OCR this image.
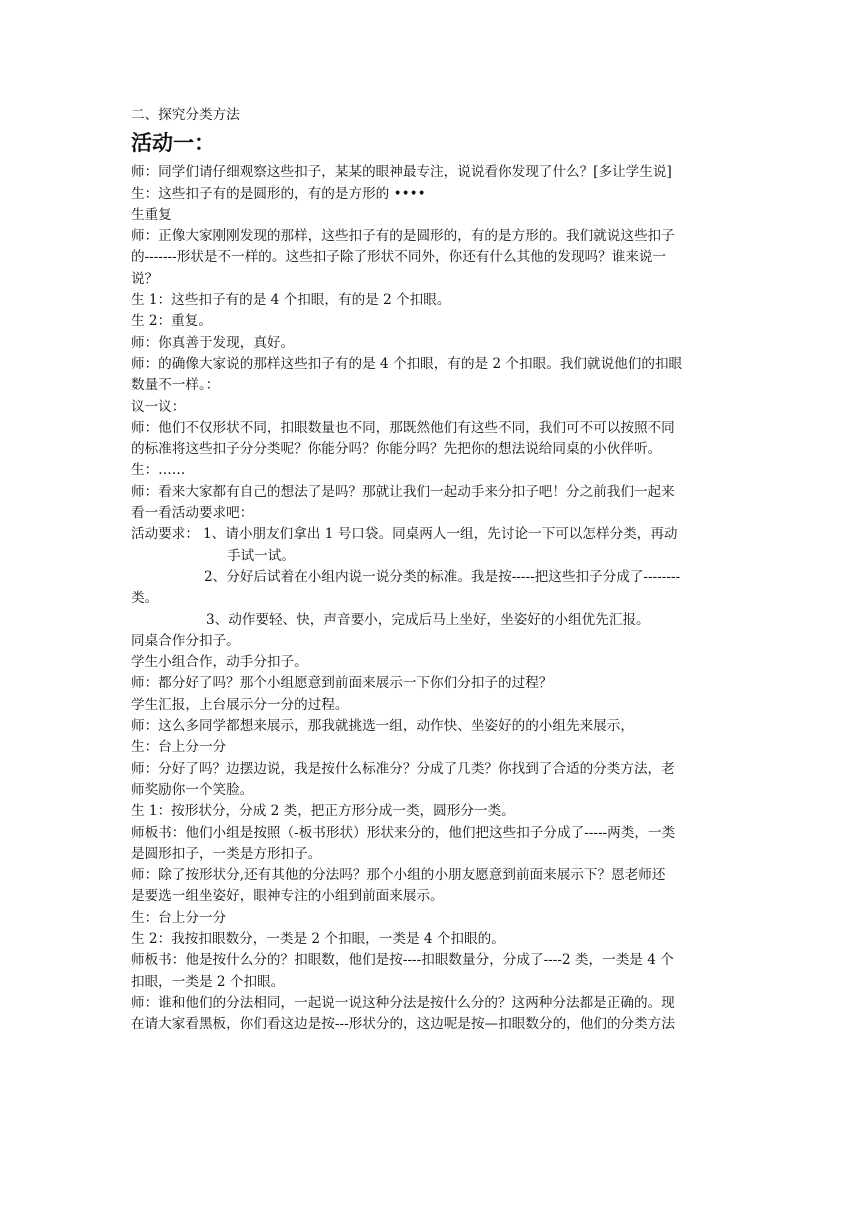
二、探究分类方法
活动一：
师：同学们请仔细观察这些扣子，某某的眼神最专注，说说看你发现了什么？[多让学生说]
生：这些扣子有的是圆形的，有的是方形的 ••••
生重复
师：正像大家刚刚发现的那样，这些扣子有的是圆形的，有的是方形的。我们就说这些扣子
的-------形状是不一样的。这些扣子除了形状不同外，你还有什么其他的发现吗？谁来说一
说？
生 1：这些扣子有的是 4 个扣眼，有的是 2 个扣眼。
生 2：重复。
师：你真善于发现，真好。
师：的确像大家说的那样这些扣子有的是 4 个扣眼，有的是 2 个扣眼。我们就说他们的扣眼
数量不一样。：
议一议：
师：他们不仅形状不同，扣眼数量也不同，那既然他们有这些不同，我们可不可以按照不同
的标准将这些扣子分分类呢？你能分吗？你能分吗？先把你的想法说给同桌的小伙伴听。
生：……
师：看来大家都有自己的想法了是吗？那就让我们一起动手来分扣子吧！分之前我们一起来
看一看活动要求吧：
活动要求： 1、请小朋友们拿出 1 号口袋。同桌两人一组，先讨论一下可以怎样分类，再动
手试一试。
2、分好后试着在小组内说一说分类的标准。我是按-----把这些扣子分成了--------
类。
3、动作要轻、快，声音要小，完成后马上坐好，坐姿好的小组优先汇报。
同桌合作分扣子。
学生小组合作，动手分扣子。
师：都分好了吗？那个小组愿意到前面来展示一下你们分扣子的过程？
学生汇报，上台展示分一分的过程。
师：这么多同学都想来展示，那我就挑选一组，动作快、坐姿好的的小组先来展示，
生：台上分一分
师：分好了吗？边摆边说，我是按什么标准分？分成了几类？你找到了合适的分类方法，老
师奖励你一个笑脸。
生 1：按形状分，分成 2 类，把正方形分成一类，圆形分一类。
师板书：他们小组是按照（-板书形状）形状来分的，他们把这些扣子分成了-----两类，一类
是圆形扣子，一类是方形扣子。
师：除了按形状分,还有其他的分法吗？那个小组的小朋友愿意到前面来展示下？恩老师还
是要选一组坐姿好，眼神专注的小组到前面来展示。
生：台上分一分
生 2：我按扣眼数分，一类是 2 个扣眼，一类是 4 个扣眼的。
师板书：他是按什么分的？扣眼数，他们是按----扣眼数量分，分成了----2 类，一类是 4 个
扣眼，一类是 2 个扣眼。
师：谁和他们的分法相同，一起说一说这种分法是按什么分的？这两种分法都是正确的。现
在请大家看黑板，你们看这边是按---形状分的，这边呢是按—扣眼数分的，他们的分类方法
